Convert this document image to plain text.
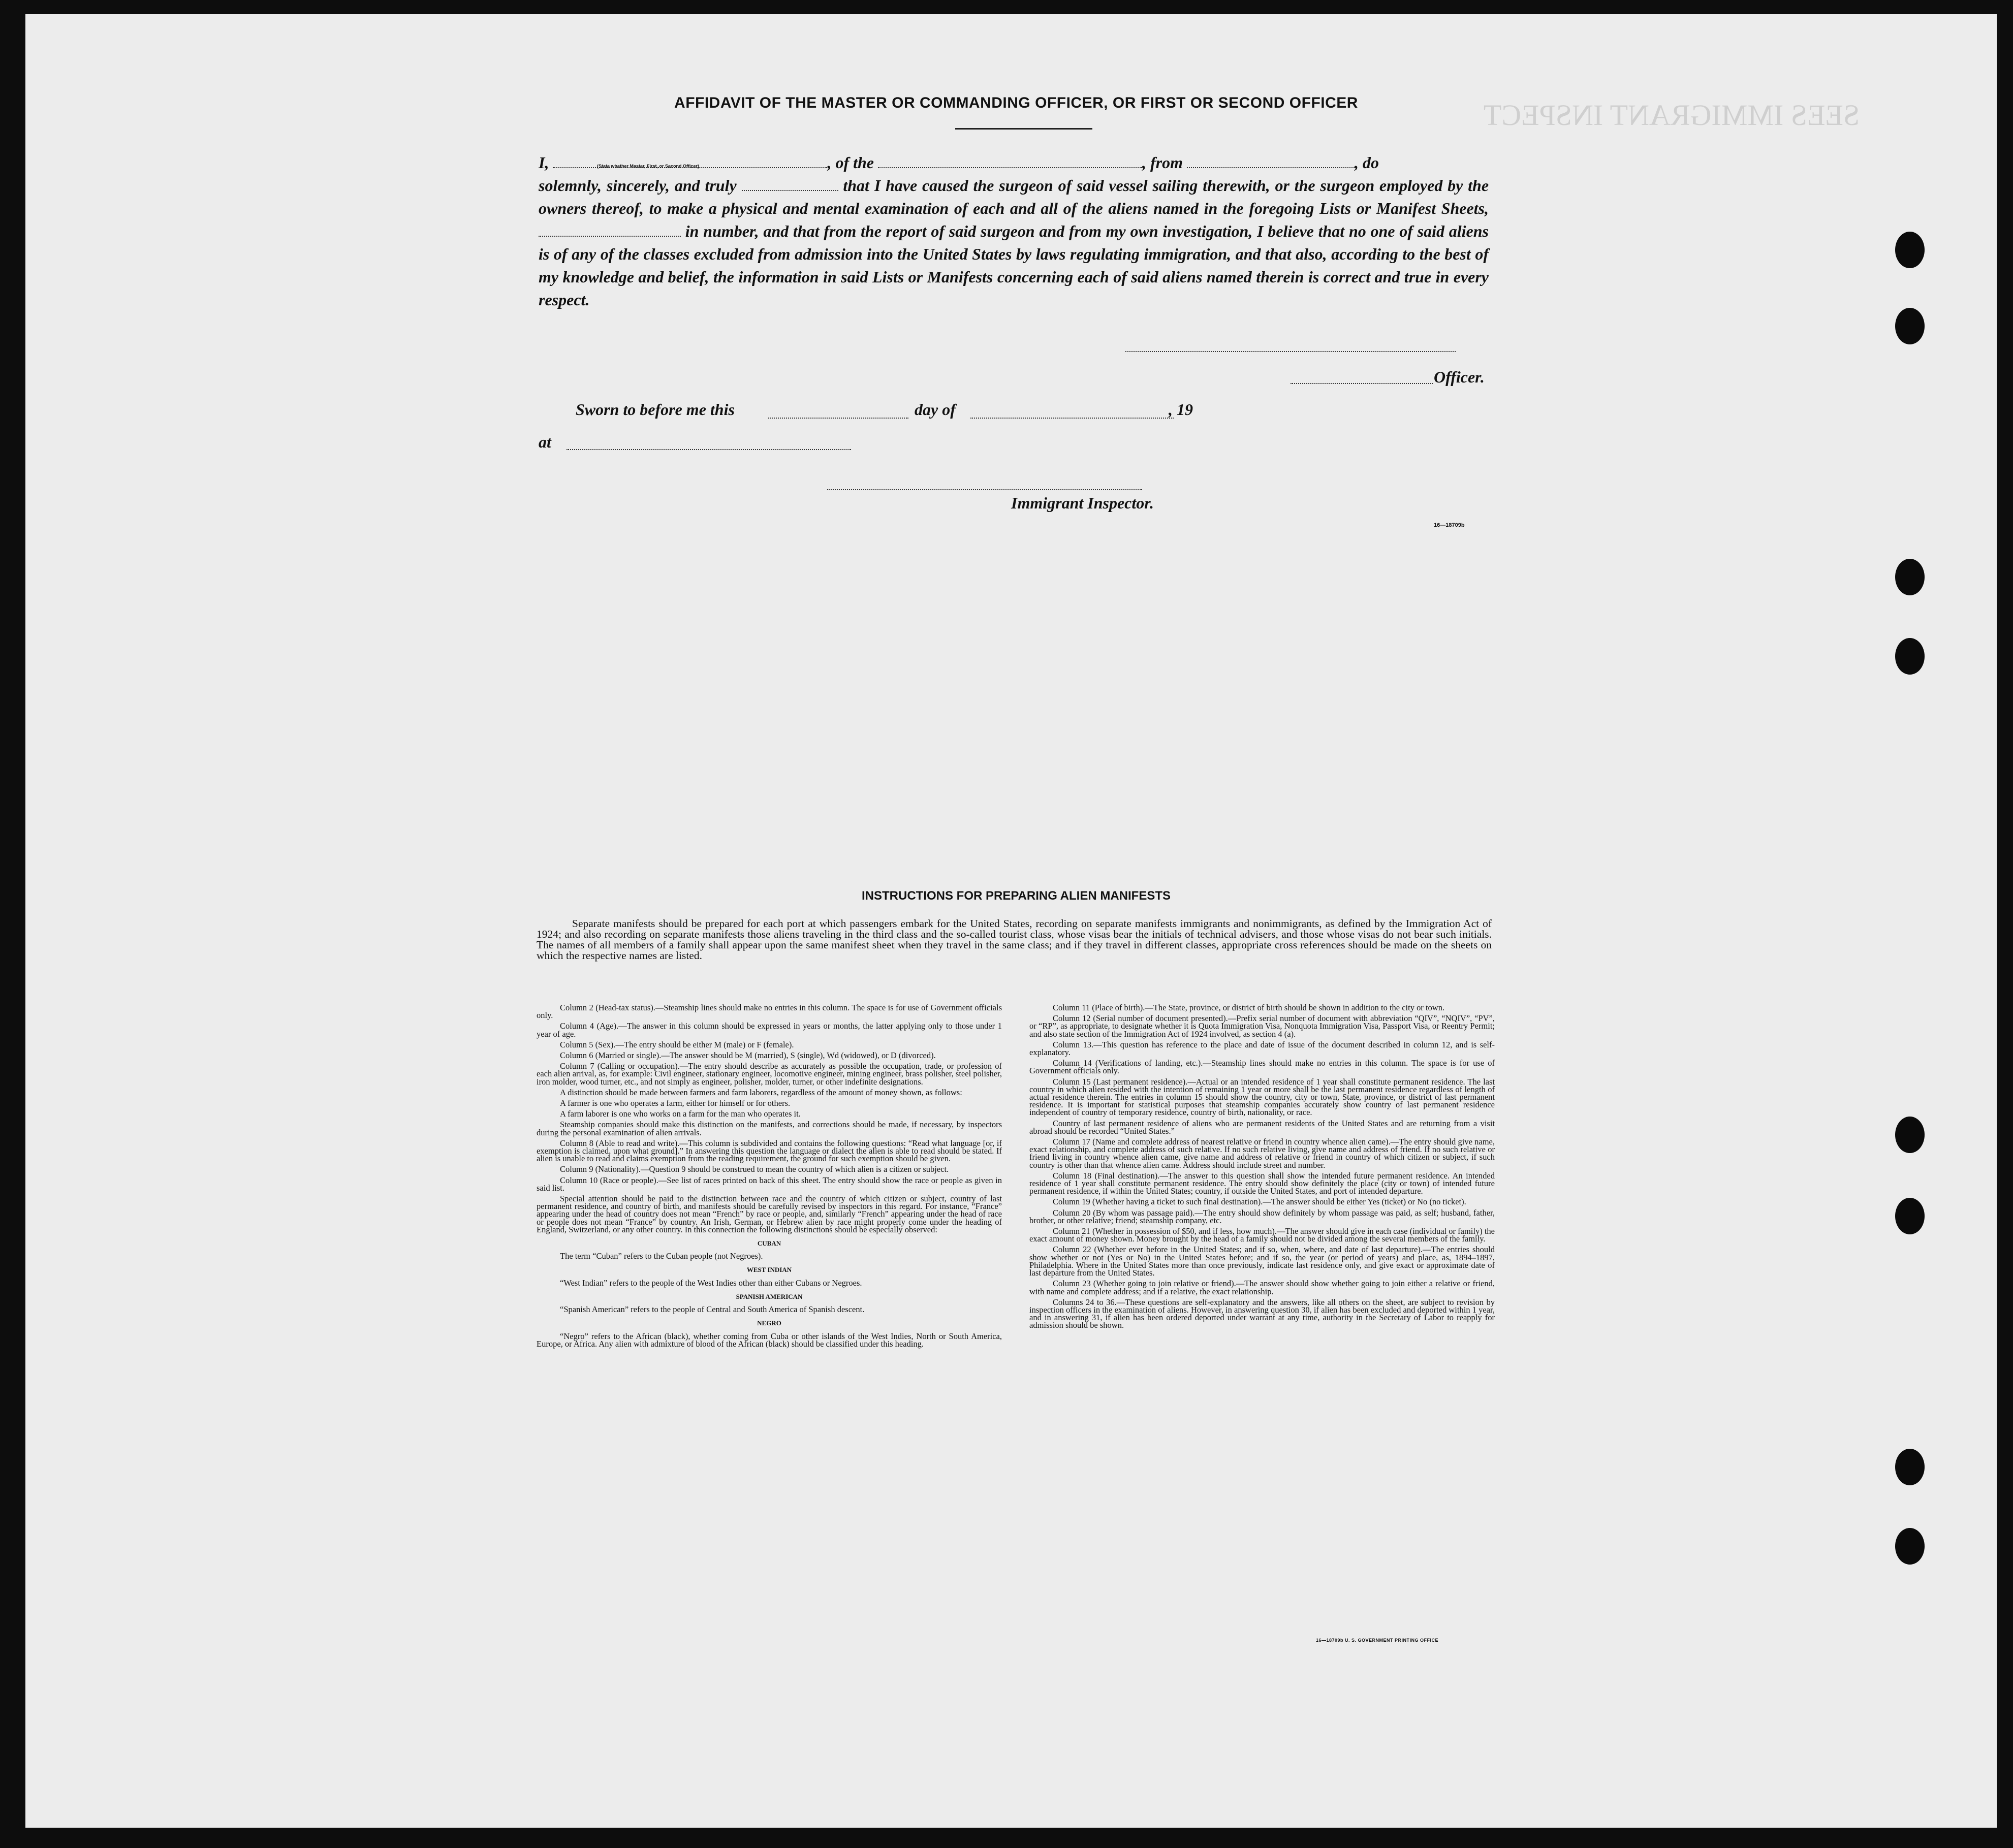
SEES IMMIGRANT INSPECT
AFFIDAVIT OF THE MASTER OR COMMANDING OFFICER, OR FIRST OR SECOND OFFICER
I,	, of the	, from	, do
solemnly, sincerely, and truly	that I have caused the surgeon of said vessel sailing therewith, or the surgeon employed by the owners thereof, to make a physical and mental examination of each and all of the aliens named in the foregoing Lists or Manifest Sheets,  in number, and that from the report of said surgeon and from my own investigation, I believe that no one of said aliens is of any of the classes excluded from admission into the United States by laws regulating immigration, and that also, according to the best of my knowledge and belief, the information in said Lists or Manifests concerning each of said aliens named therein is correct and true in every respect.
(State whether Master, First, or Second Officer)
Officer.
Sworn to before me this	day of	, 19
at
Immigrant Inspector.
16—18709b
INSTRUCTIONS FOR PREPARING ALIEN MANIFESTS
Separate manifests should be prepared for each port at which passengers embark for the United States, recording on separate manifests immigrants and nonimmigrants, as defined by the Immigration Act of 1924; and also recording on separate manifests those aliens traveling in the third class and the so-called tourist class, whose visas bear the initials of technical advisers, and those whose visas do not bear such initials. The names of all members of a family shall appear upon the same manifest sheet when they travel in the same class; and if they travel in different classes, appropriate cross references should be made on the sheets on which the respective names are listed.

Column 2 (Head-tax status).—Steamship lines should make no entries in this column. The space is for use of Government officials only.

Column 4 (Age).—The answer in this column should be expressed in years or months, the latter applying only to those under 1 year of age.

Column 5 (Sex).—The entry should be either M (male) or F (female).

Column 6 (Married or single).—The answer should be M (married), S (single), Wd (widowed), or D (divorced).

Column 7 (Calling or occupation).—The entry should describe as accurately as possible the occupation, trade, or profession of each alien arrival, as, for example: Civil engineer, stationary engineer, locomotive engineer, mining engineer, brass polisher, steel polisher, iron molder, wood turner, etc., and not simply as engineer, polisher, molder, turner, or other indefinite designations.

A distinction should be made between farmers and farm laborers, regardless of the amount of money shown, as follows:

A farmer is one who operates a farm, either for himself or for others.

A farm laborer is one who works on a farm for the man who operates it.

Steamship companies should make this distinction on the manifests, and corrections should be made, if necessary, by inspectors during the personal examination of alien arrivals.

Column 8 (Able to read and write).—This column is subdivided and contains the following questions: “Read what language [or, if exemption is claimed, upon what ground].” In answering this question the language or dialect the alien is able to read should be stated. If alien is unable to read and claims exemption from the reading requirement, the ground for such exemption should be given.

Column 9 (Nationality).—Question 9 should be construed to mean the country of which alien is a citizen or subject.

Column 10 (Race or people).—See list of races printed on back of this sheet. The entry should show the race or people as given in said list.

Special attention should be paid to the distinction between race and the country of which citizen or subject, country of last permanent residence, and country of birth, and manifests should be carefully revised by inspectors in this regard. For instance, “France” appearing under the head of country does not mean “French” by race or people, and, similarly “French” appearing under the head of race or people does not mean “France” by country. An Irish, German, or Hebrew alien by race might properly come under the heading of England, Switzerland, or any other country. In this connection the following distinctions should be especially observed:

CUBAN

The term “Cuban” refers to the Cuban people (not Negroes).

WEST INDIAN

“West Indian” refers to the people of the West Indies other than either Cubans or Negroes.

SPANISH AMERICAN

“Spanish American” refers to the people of Central and South America of Spanish descent.

NEGRO

“Negro” refers to the African (black), whether coming from Cuba or other islands of the West Indies, North or South America, Europe, or Africa. Any alien with admixture of blood of the African (black) should be classified under this heading.

Column 11 (Place of birth).—The State, province, or district of birth should be shown in addition to the city or town.

Column 12 (Serial number of document presented).—Prefix serial number of document with abbreviation “QIV”, “NQIV”, “PV”, or “RP”, as appropriate, to designate whether it is Quota Immigration Visa, Nonquota Immigration Visa, Passport Visa, or Reentry Permit; and also state section of the Immigration Act of 1924 involved, as section 4 (a).

Column 13.—This question has reference to the place and date of issue of the document described in column 12, and is self-explanatory.

Column 14 (Verifications of landing, etc.).—Steamship lines should make no entries in this column. The space is for use of Government officials only.

Column 15 (Last permanent residence).—Actual or an intended residence of 1 year shall constitute permanent residence. The last country in which alien resided with the intention of remaining 1 year or more shall be the last permanent residence regardless of length of actual residence therein. The entries in column 15 should show the country, city or town, State, province, or district of last permanent residence. It is important for statistical purposes that steamship companies accurately show country of last permanent residence independent of country of temporary residence, country of birth, nationality, or race.

Country of last permanent residence of aliens who are permanent residents of the United States and are returning from a visit abroad should be recorded “United States.”

Column 17 (Name and complete address of nearest relative or friend in country whence alien came).—The entry should give name, exact relationship, and complete address of such relative. If no such relative living, give name and address of friend. If no such relative or friend living in country whence alien came, give name and address of relative or friend in country of which citizen or subject, if such country is other than that whence alien came. Address should include street and number.

Column 18 (Final destination).—The answer to this question shall show the intended future permanent residence. An intended residence of 1 year shall constitute permanent residence. The entry should show definitely the place (city or town) of intended future permanent residence, if within the United States; country, if outside the United States, and port of intended departure.

Column 19 (Whether having a ticket to such final destination).—The answer should be either Yes (ticket) or No (no ticket).

Column 20 (By whom was passage paid).—The entry should show definitely by whom passage was paid, as self; husband, father, brother, or other relative; friend; steamship company, etc.

Column 21 (Whether in possession of $50, and if less, how much).—The answer should give in each case (individual or family) the exact amount of money shown. Money brought by the head of a family should not be divided among the several members of the family.

Column 22 (Whether ever before in the United States; and if so, when, where, and date of last departure).—The entries should show whether or not (Yes or No) in the United States before; and if so, the year (or period of years) and place, as, 1894–1897, Philadelphia. Where in the United States more than once previously, indicate last residence only, and give exact or approximate date of last departure from the United States.

Column 23 (Whether going to join relative or friend).—The answer should show whether going to join either a relative or friend, with name and complete address; and if a relative, the exact relationship.

Columns 24 to 36.—These questions are self-explanatory and the answers, like all others on the sheet, are subject to revision by inspection officers in the examination of aliens. However, in answering question 30, if alien has been excluded and deported within 1 year, and in answering 31, if alien has been ordered deported under warrant at any time, authority in the Secretary of Labor to reapply for admission should be shown.

16—18709b U. S. GOVERNMENT PRINTING OFFICE
